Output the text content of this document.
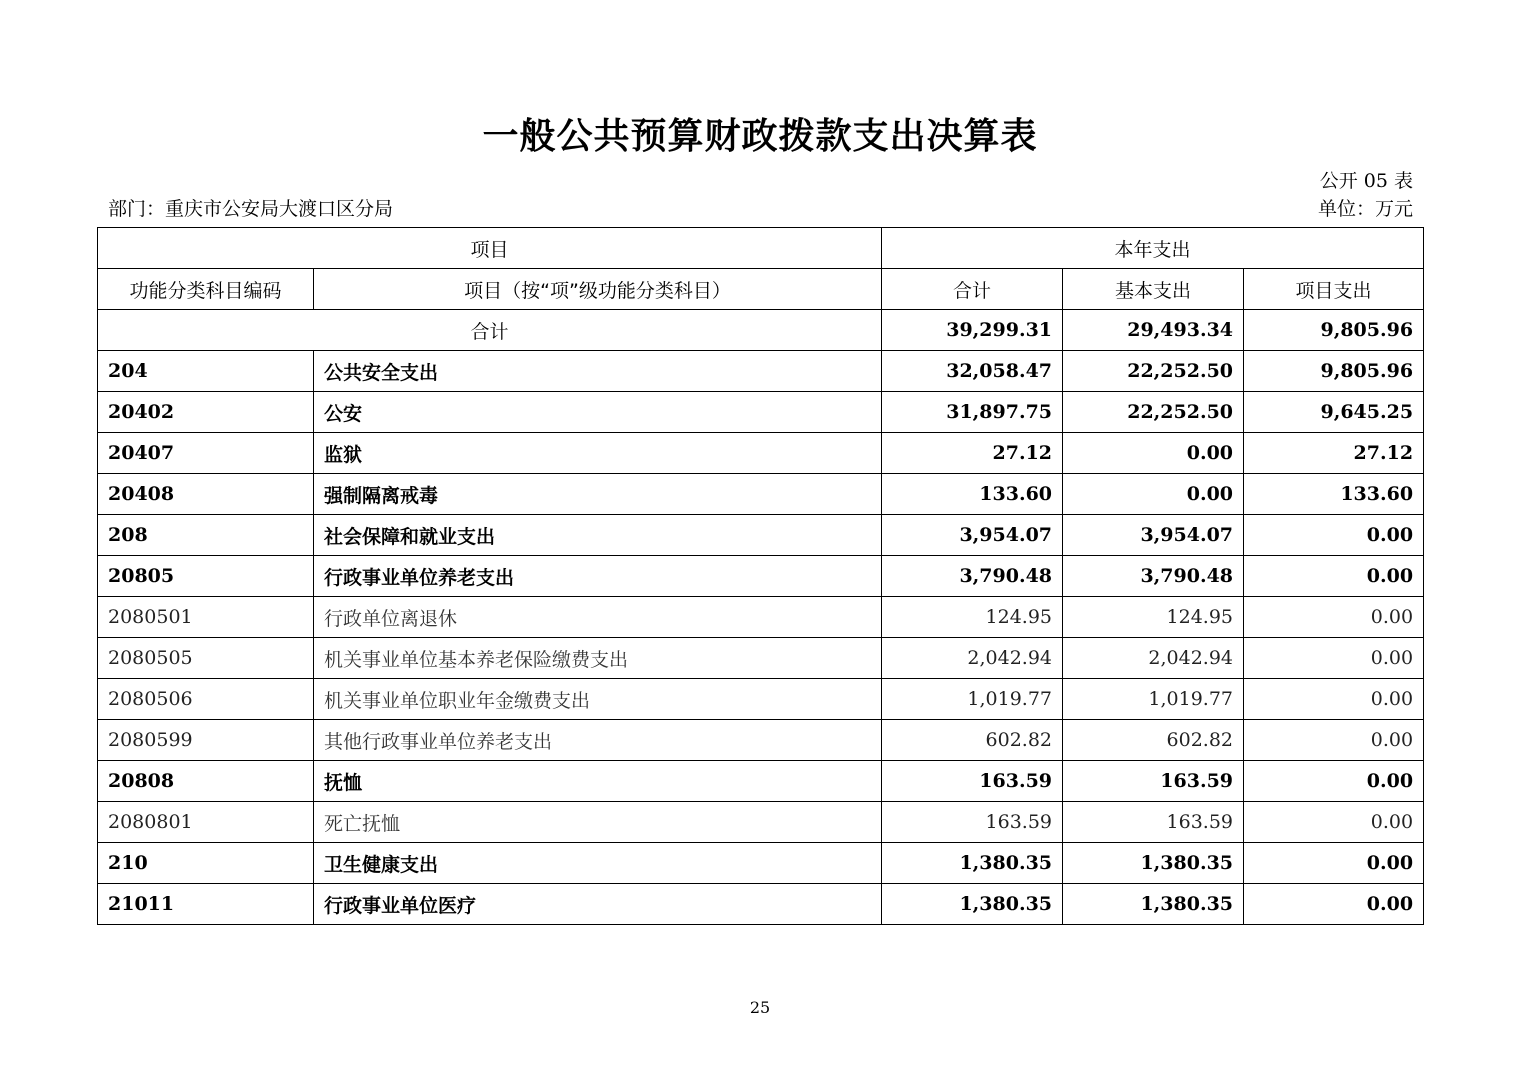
一般公共预算财政拨款支出决算表
公开 05 表
部门：重庆市公安局大渡口区分局	单位：万元
项目		本年支出		
功能分类科目编码	项目（按“项”级功能分类科目）	合计	基本支出	项目支出
合计		39,299.31	29,493.34	9,805.96
204	公共安全支出	32,058.47	22,252.50	9,805.96
20402	公安	31,897.75	22,252.50	9,645.25
20407	监狱	27.12	0.00	27.12
20408	强制隔离戒毒	133.60	0.00	133.60
208	社会保障和就业支出	3,954.07	3,954.07	0.00
20805	行政事业单位养老支出	3,790.48	3,790.48	0.00
2080501	行政单位离退休	124.95	124.95	0.00
2080505	机关事业单位基本养老保险缴费支出	2,042.94	2,042.94	0.00
2080506	机关事业单位职业年金缴费支出	1,019.77	1,019.77	0.00
2080599	其他行政事业单位养老支出	602.82	602.82	0.00
20808	抚恤	163.59	163.59	0.00
2080801	死亡抚恤	163.59	163.59	0.00
210	卫生健康支出	1,380.35	1,380.35	0.00
21011	行政事业单位医疗	1,380.35	1,380.35	0.00
25
